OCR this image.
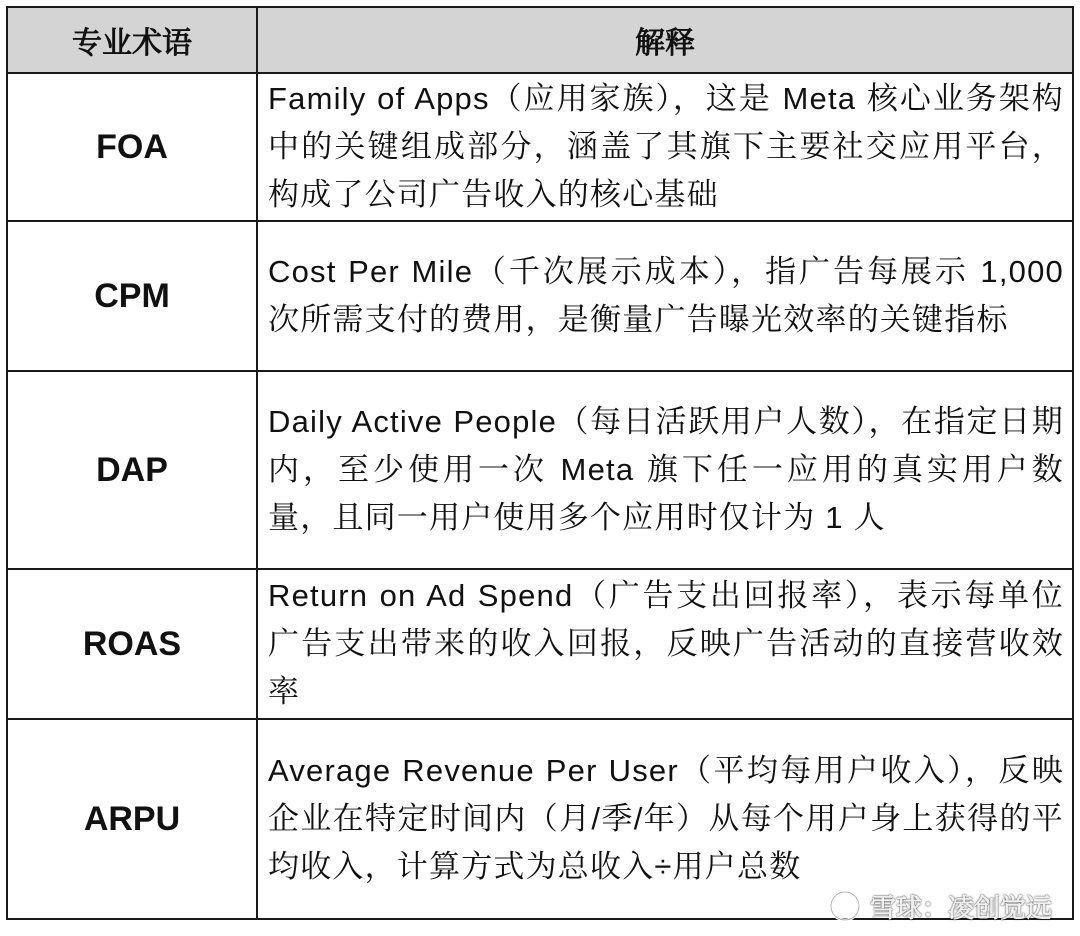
专业术语	解释
FOA	Family of Apps（应用家族），这是 Meta 核心业务架构中的关键组成部分，涵盖了其旗下主要社交应用平台，构成了公司广告收入的核心基础
CPM	Cost Per Mile（千次展示成本），指广告每展示 1,000 次所需支付的费用，是衡量广告曝光效率的关键指标
DAP	Daily Active People（每日活跃用户人数），在指定日期内，至少使用一次 Meta 旗下任一应用的真实用户数量，且同一用户使用多个应用时仅计为 1 人
ROAS	Return on Ad Spend（广告支出回报率），表示每单位广告支出带来的收入回报，反映广告活动的直接营收效率
ARPU	Average Revenue Per User（平均每用户收入），反映企业在特定时间内（月/季/年）从每个用户身上获得的平均收入，计算方式为总收入÷用户总数
雪球：凌创觉远
